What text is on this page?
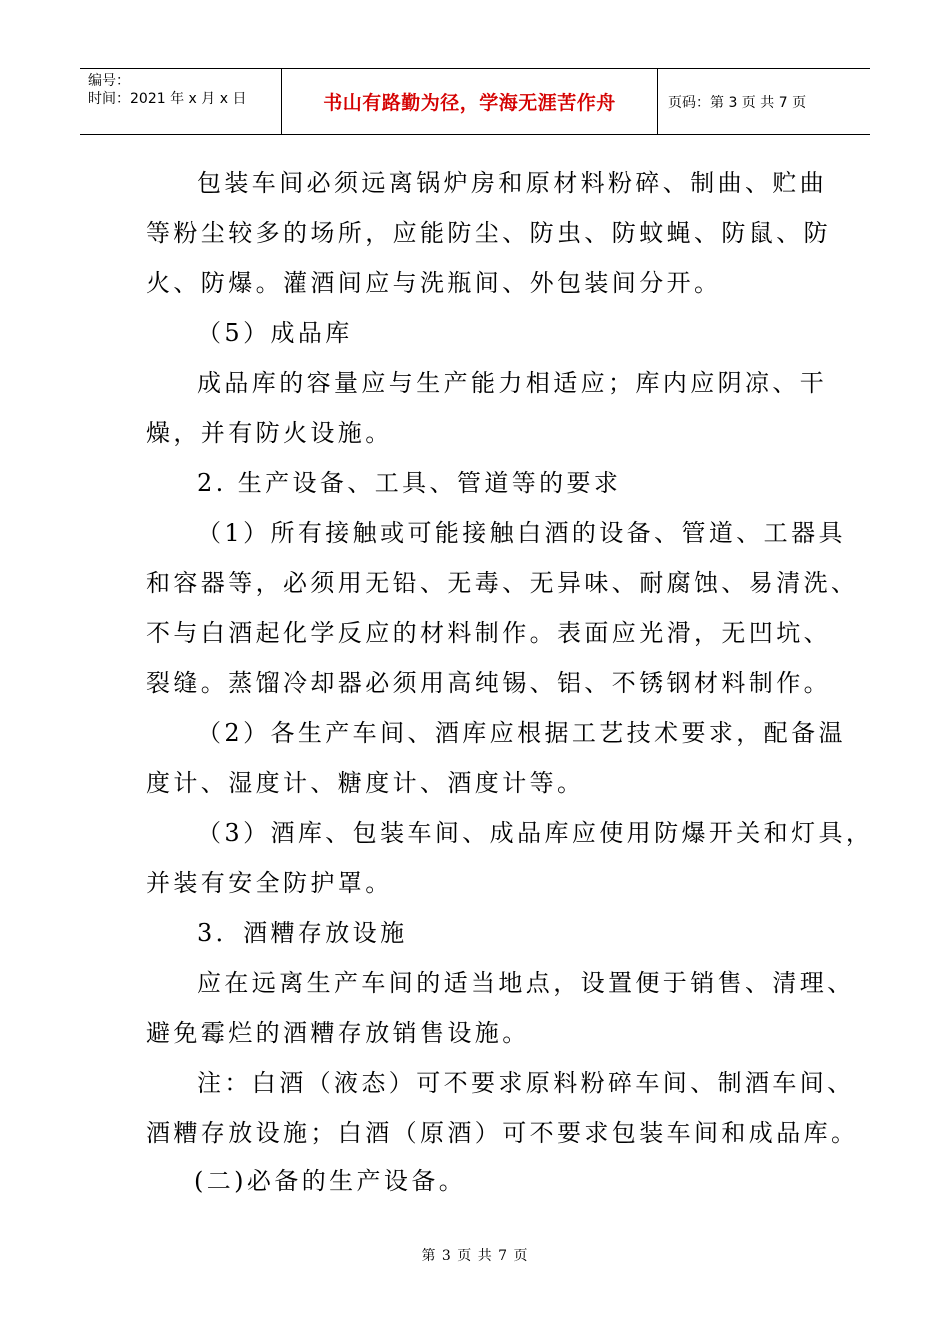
编号：
时间：2021 年 x 月 x 日	书山有路勤为径，学海无涯苦作舟	页码：第 3 页 共 7 页
包装车间必须远离锅炉房和原材料粉碎、制曲、贮曲
等粉尘较多的场所，应能防尘、防虫、防蚊蝇、防鼠、防
火、防爆。灌酒间应与洗瓶间、外包装间分开。
（5）成品库
成品库的容量应与生产能力相适应；库内应阴凉、干
燥，并有防火设施。
2. 生产设备、工具、管道等的要求
（1）所有接触或可能接触白酒的设备、管道、工器具
和容器等，必须用无铅、无毒、无异味、耐腐蚀、易清洗、
不与白酒起化学反应的材料制作。表面应光滑，无凹坑、
裂缝。蒸馏冷却器必须用高纯锡、铝、不锈钢材料制作。
（2）各生产车间、酒库应根据工艺技术要求，配备温
度计、湿度计、糖度计、酒度计等。
（3）酒库、包装车间、成品库应使用防爆开关和灯具，
并装有安全防护罩。
3．酒糟存放设施
应在远离生产车间的适当地点，设置便于销售、清理、
避免霉烂的酒糟存放销售设施。
注：白酒（液态）可不要求原料粉碎车间、制酒车间、
酒糟存放设施；白酒（原酒）可不要求包装车间和成品库。
(二)必备的生产设备。
第 3 页 共 7 页
